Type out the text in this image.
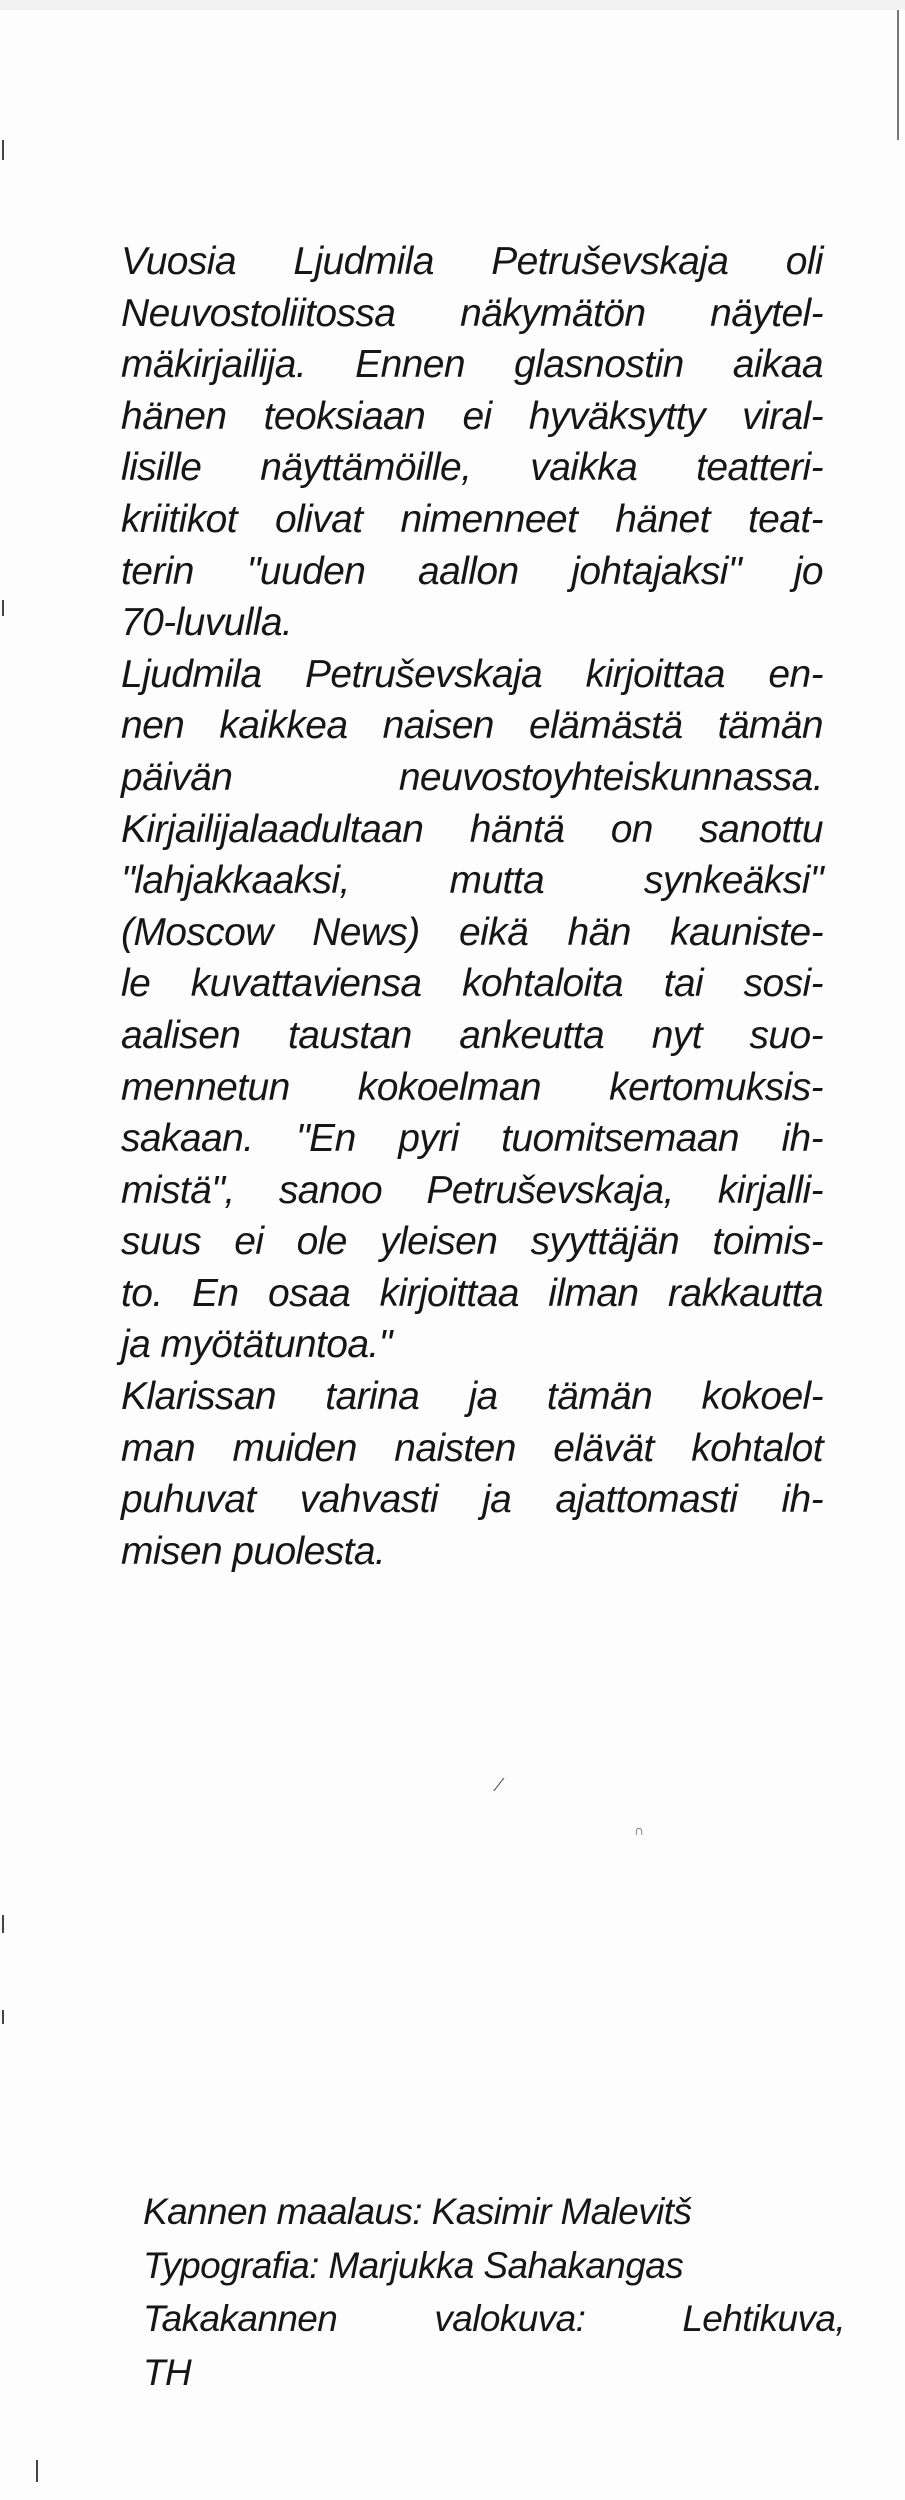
⁄
∩
Vuosia Ljudmila Petruševskaja oli
Neuvostoliitossa näkymätön näytel-
mäkirjailija. Ennen glasnostin aikaa
hänen teoksiaan ei hyväksytty viral-
lisille näyttämöille, vaikka teatteri-
kriitikot olivat nimenneet hänet teat-
terin "uuden aallon johtajaksi" jo
70-luvulla.
Ljudmila Petruševskaja kirjoittaa en-
nen kaikkea naisen elämästä tämän
päivän neuvostoyhteiskunnassa.
Kirjailijalaadultaan häntä on sanottu
"lahjakkaaksi, mutta synkeäksi"
(Moscow News) eikä hän kauniste-
le kuvattaviensa kohtaloita tai sosi-
aalisen taustan ankeutta nyt suo-
mennetun kokoelman kertomuksis-
sakaan. "En pyri tuomitsemaan ih-
mistä", sanoo Petruševskaja, kirjalli-
suus ei ole yleisen syyttäjän toimis-
to. En osaa kirjoittaa ilman rakkautta
ja myötätuntoa."
Klarissan tarina ja tämän kokoel-
man muiden naisten elävät kohtalot
puhuvat vahvasti ja ajattomasti ih-
misen puolesta.
Kannen maalaus: Kasimir Malevitš
Typografia: Marjukka Sahakangas
Takakannen valokuva: Lehtikuva,
TH
